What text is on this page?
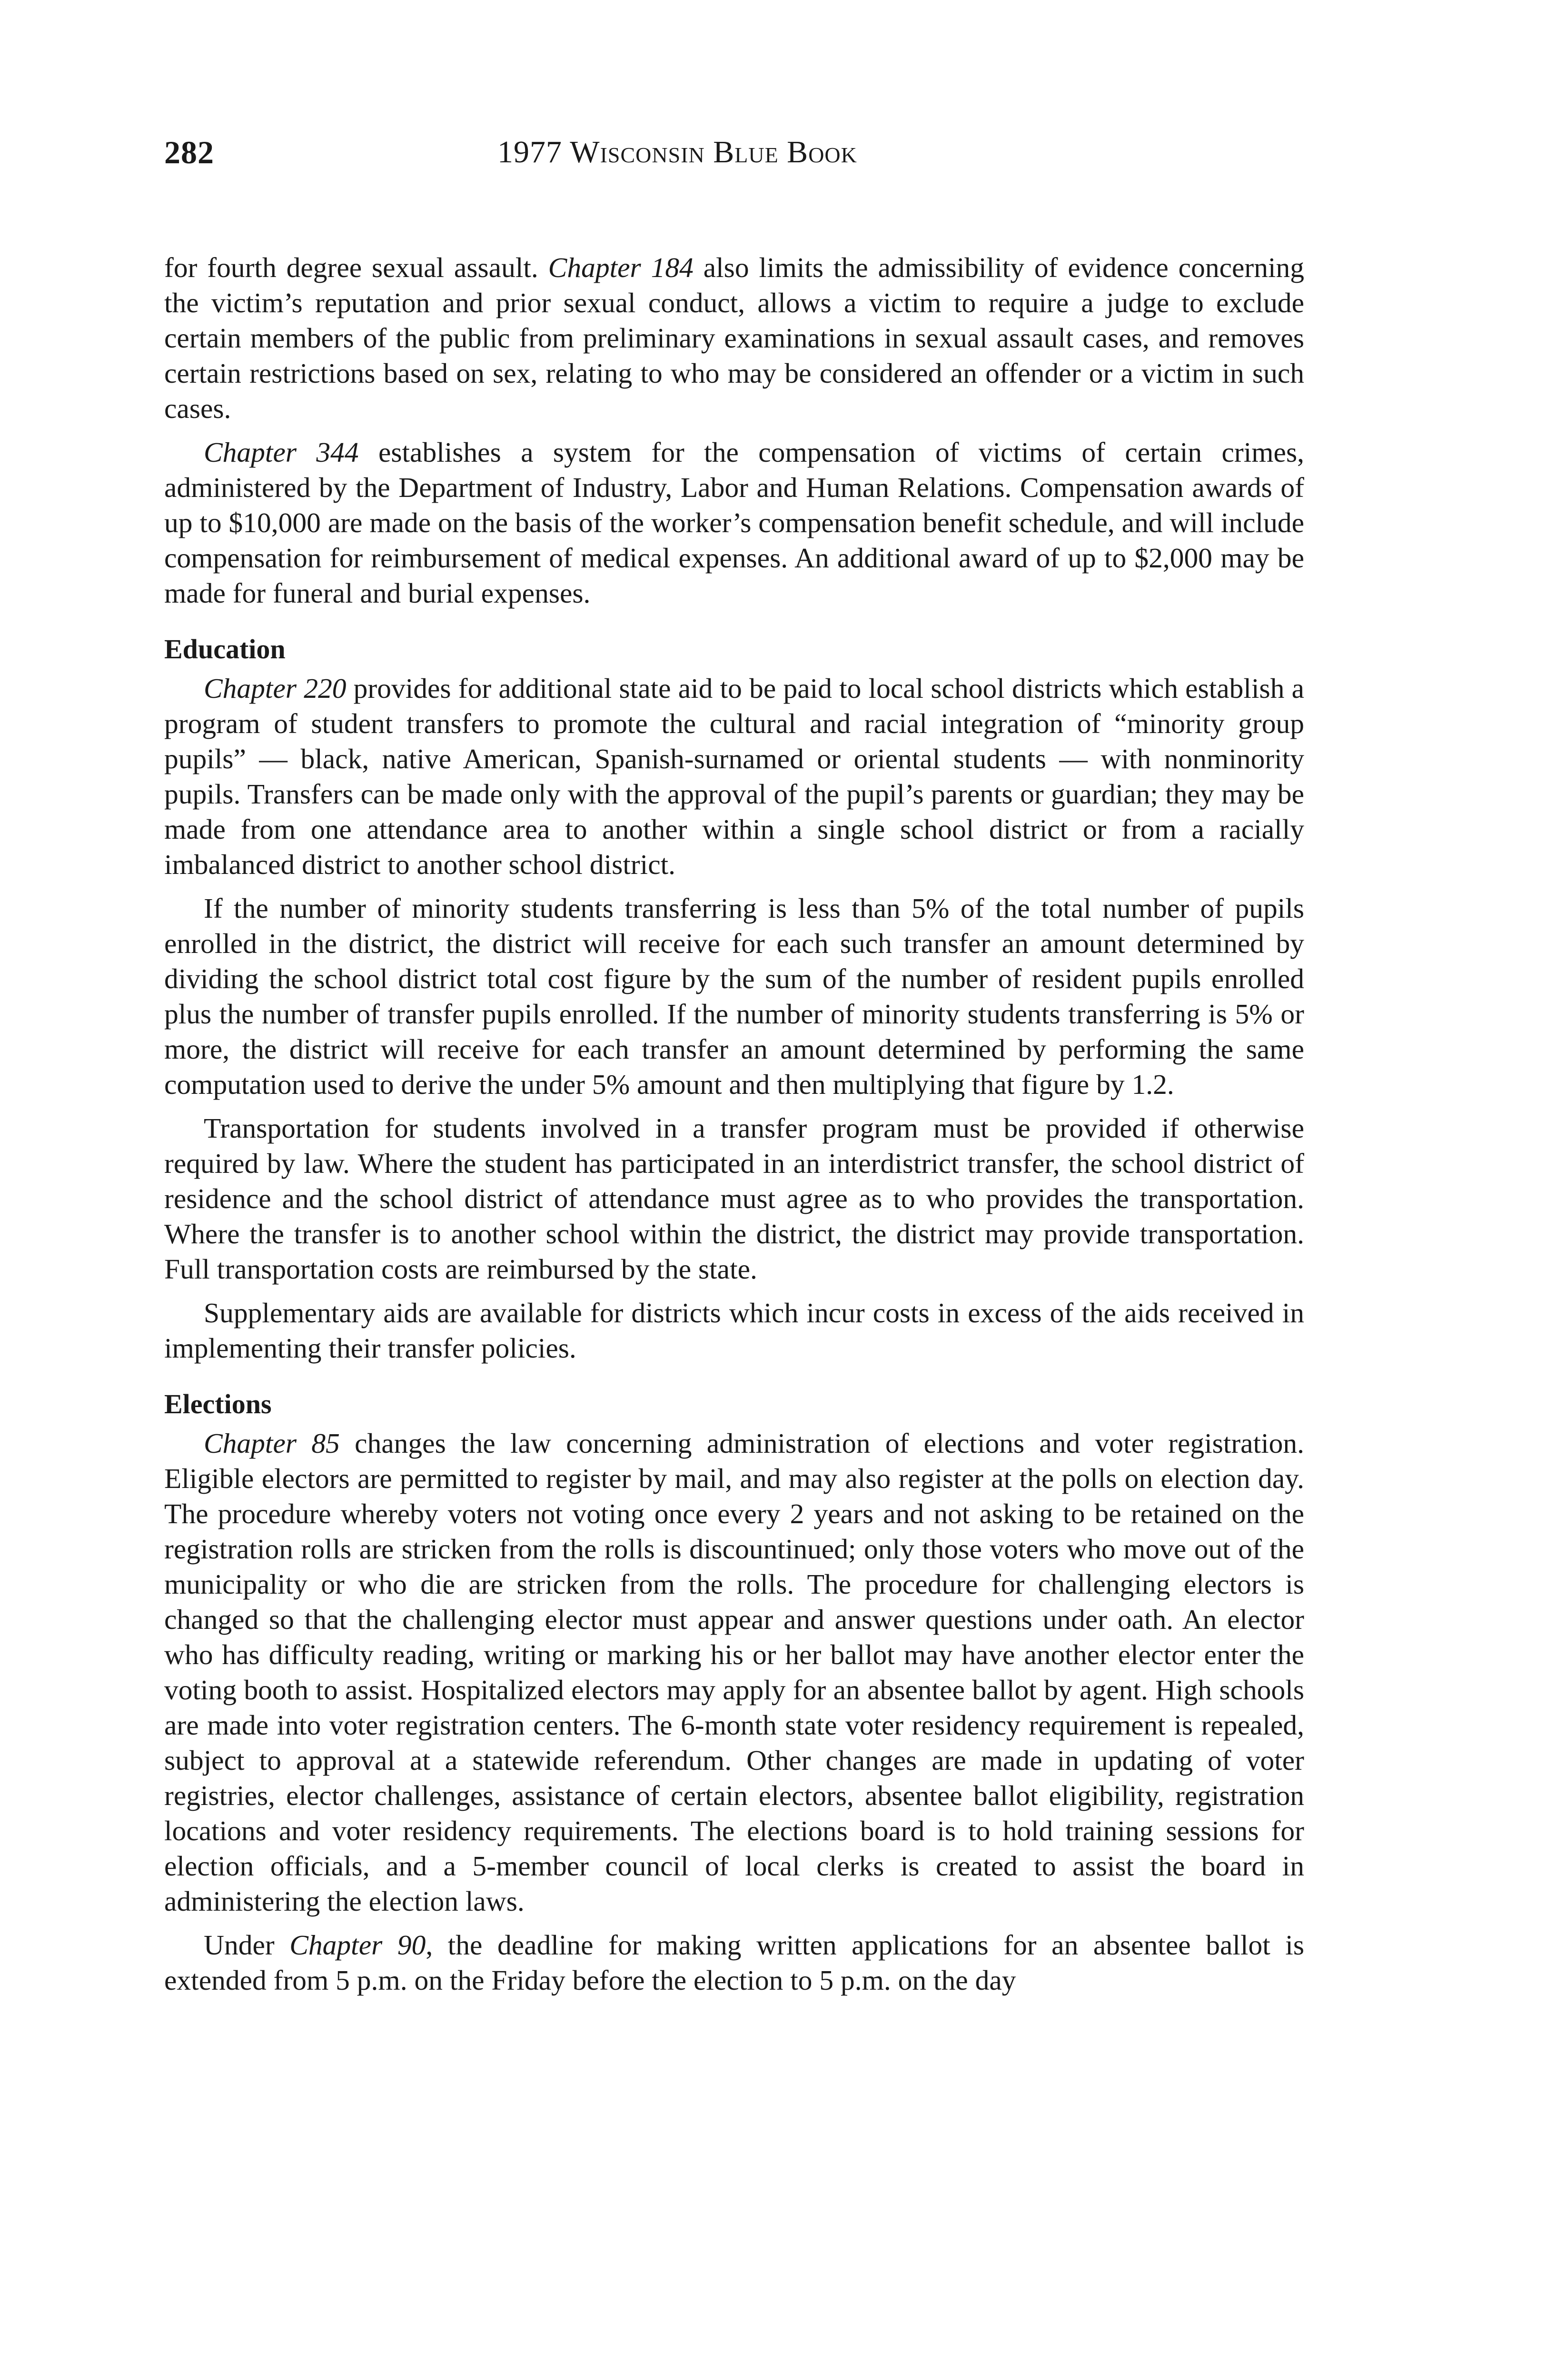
282	1977 Wisconsin Blue Book

for fourth degree sexual assault. Chapter 184 also limits the admissibility of evidence concerning the victim’s reputation and prior sexual conduct, allows a victim to require a judge to exclude certain members of the public from preliminary examinations in sexual assault cases, and removes certain restrictions based on sex, relating to who may be considered an offender or a victim in such cases.

Chapter 344 establishes a system for the compensation of victims of certain crimes, administered by the Department of Industry, Labor and Human Relations. Compensation awards of up to $10,000 are made on the basis of the worker’s compensation benefit schedule, and will include compensation for reimbursement of medical expenses. An additional award of up to $2,000 may be made for funeral and burial expenses.

Education

Chapter 220 provides for additional state aid to be paid to local school districts which establish a program of student transfers to promote the cultural and racial integration of “minority group pupils” — black, native American, Spanish-surnamed or oriental students — with nonminority pupils. Transfers can be made only with the approval of the pupil’s parents or guardian; they may be made from one attendance area to another within a single school district or from a racially imbalanced district to another school district.

If the number of minority students transferring is less than 5% of the total number of pupils enrolled in the district, the district will receive for each such transfer an amount determined by dividing the school district total cost figure by the sum of the number of resident pupils enrolled plus the number of transfer pupils enrolled. If the number of minority students transferring is 5% or more, the district will receive for each transfer an amount determined by performing the same computation used to derive the under 5% amount and then multiplying that figure by 1.2.

Transportation for students involved in a transfer program must be provided if otherwise required by law. Where the student has participated in an interdistrict transfer, the school district of residence and the school district of attendance must agree as to who provides the transportation. Where the transfer is to another school within the district, the district may provide transportation. Full transportation costs are reimbursed by the state.

Supplementary aids are available for districts which incur costs in excess of the aids received in implementing their transfer policies.

Elections

Chapter 85 changes the law concerning administration of elections and voter registration. Eligible electors are permitted to register by mail, and may also register at the polls on election day. The procedure whereby voters not voting once every 2 years and not asking to be retained on the registration rolls are stricken from the rolls is discountinued; only those voters who move out of the municipality or who die are stricken from the rolls. The procedure for challenging electors is changed so that the challenging elector must appear and answer questions under oath. An elector who has difficulty reading, writing or marking his or her ballot may have another elector enter the voting booth to assist. Hospitalized electors may apply for an absentee ballot by agent. High schools are made into voter registration centers. The 6-month state voter residency requirement is repealed, subject to approval at a statewide referendum. Other changes are made in updating of voter registries, elector challenges, assistance of certain electors, absentee ballot eligibility, registration locations and voter residency requirements. The elections board is to hold training sessions for election officials, and a 5-member council of local clerks is created to assist the board in administering the election laws.

Under Chapter 90, the deadline for making written applications for an absentee ballot is extended from 5 p.m. on the Friday before the election to 5 p.m. on the day
